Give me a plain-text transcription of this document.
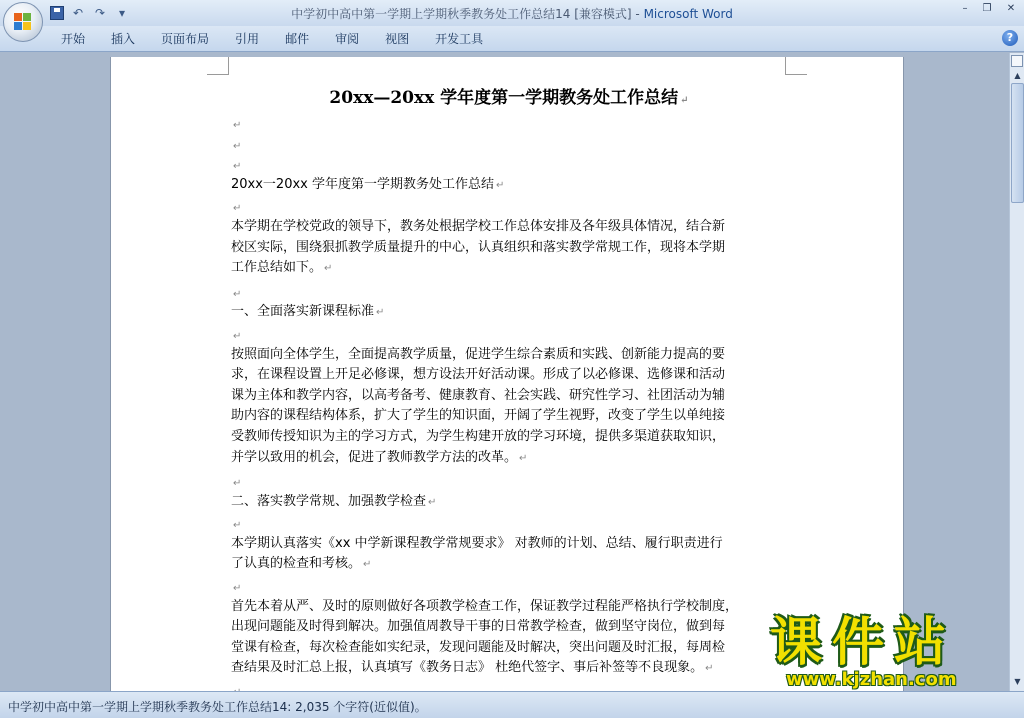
↶ ↷	▾	中学初中高中第一学期上学期秋季教务处工作总结14 [兼容模式] - Microsoft Word	–	❐	✕
开始	插入	页面布局	引用	邮件	审阅	视图	开发工具	?
20xx—20xx 学年度第一学期教务处工作总结 ↵
↵
↵
↵
20xx一20xx 学年度第一学期教务处工作总结 ↵
↵
本学期在学校党政的领导下，教务处根据学校工作总体安排及各年级具体情况，结合新
校区实际，围绕狠抓教学质量提升的中心，认真组织和落实教学常规工作，现将本学期
工作总结如下。 ↵
↵
一、全面落实新课程标准 ↵
↵
按照面向全体学生，全面提高教学质量，促进学生综合素质和实践、创新能力提高的要
求，在课程设置上开足必修课，想方设法开好活动课。形成了以必修课、选修课和活动
课为主体和教学内容，以高考备考、健康教育、社会实践、研究性学习、社团活动为辅
助内容的课程结构体系，扩大了学生的知识面，开阔了学生视野，改变了学生以单纯接
受教师传授知识为主的学习方式，为学生构建开放的学习环境，提供多渠道获取知识，
并学以致用的机会，促进了教师教学方法的改革。 ↵
↵
二、落实教学常规、加强教学检查 ↵
↵
本学期认真落实《xx 中学新课程教学常规要求》 对教师的计划、总结、履行职责进行
了认真的检查和考核。 ↵
↵
首先本着从严、及时的原则做好各项教学检查工作，保证教学过程能严格执行学校制度，
出现问题能及时得到解决。加强值周教导干事的日常教学检查，做到坚守岗位，做到每
堂课有检查，每次检查能如实纪录，发现问题能及时解决，突出问题及时汇报，每周检
查结果及时汇总上报，认真填写《教务日志》 杜绝代签字、事后补签等不良现象。 ↵
▲
▼
中学初中高中第一学期上学期秋季教务处工作总结14: 2,035 个字符(近似值)。
课件站
www.kjzhan.com
